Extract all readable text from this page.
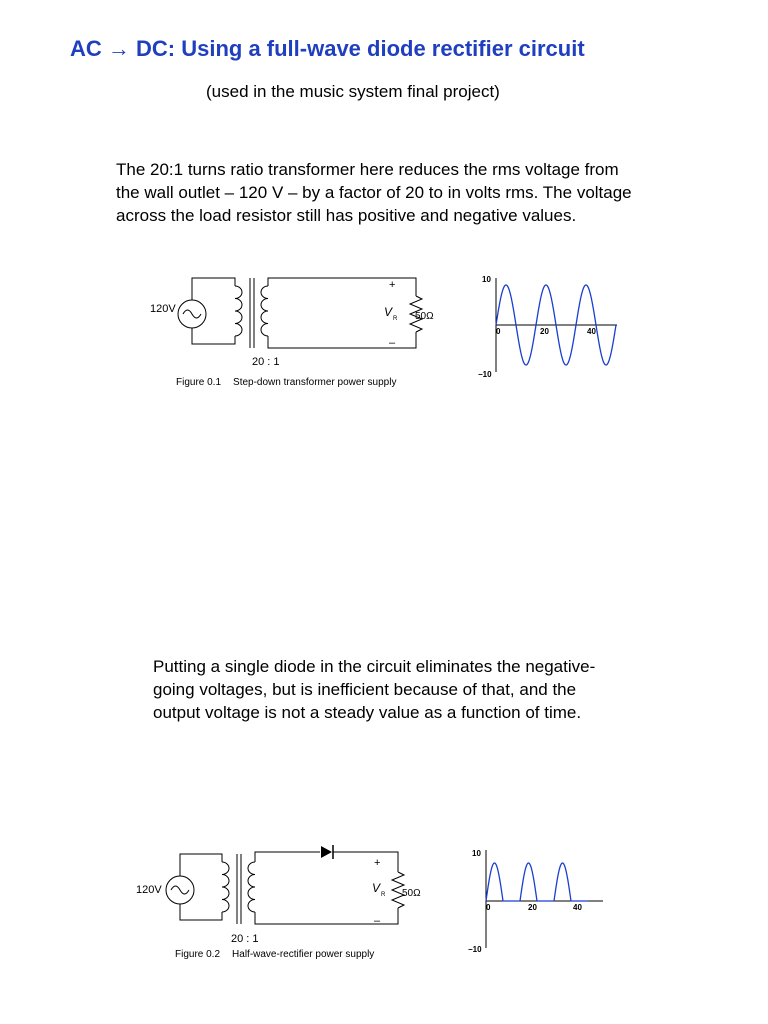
AC → DC: Using a full-wave diode rectifier circuit
(used in the music system final project)
The 20:1 turns ratio transformer here reduces the rms voltage from
the wall outlet – 120 V – by a factor of 20 to in volts rms. The voltage
across the load resistor still has positive and negative values.
120V
20 : 1
+
–
V R 50Ω
Figure 0.1 Step-down transformer power supply
10
−10
0	20	40
Putting a single diode in the circuit eliminates the negative-
going voltages, but is inefficient because of that, and the
output voltage is not a steady value as a function of time.
120V
20 : 1
+
–
V R 50Ω
Figure 0.2 Half-wave-rectifier power supply
10
−10
0	20	40
